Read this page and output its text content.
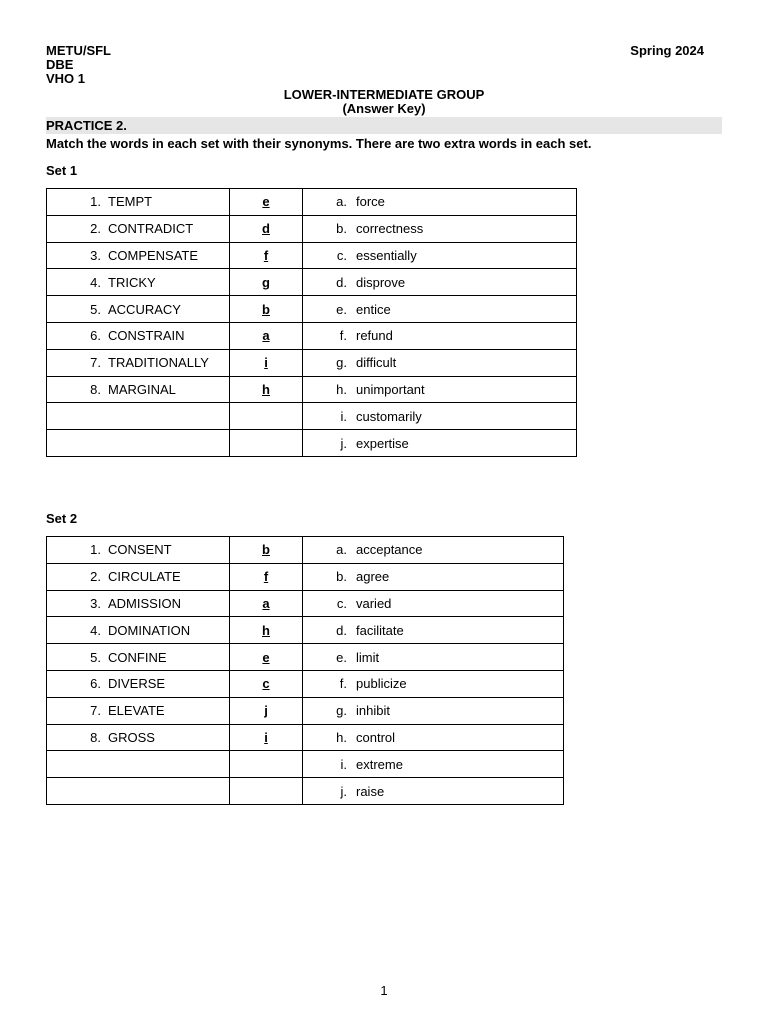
METU/SFL
DBE
VHO 1
Spring 2024
LOWER-INTERMEDIATE GROUP
(Answer Key)
PRACTICE 2.
Match the words in each set with their synonyms. There are two extra words in each set.
Set 1
1. TEMPT	e	a. force
2. CONTRADICT	d	b. correctness
3. COMPENSATE	f	c. essentially
4. TRICKY	g	d. disprove
5. ACCURACY	b	e. entice
6. CONSTRAIN	a	f. refund
7. TRADITIONALLY	i	g. difficult
8. MARGINAL	h	h. unimportant
		i. customarily
		j. expertise
Set 2
1. CONSENT	b	a. acceptance
2. CIRCULATE	f	b. agree
3. ADMISSION	a	c. varied
4. DOMINATION	h	d. facilitate
5. CONFINE	e	e. limit
6. DIVERSE	c	f. publicize
7. ELEVATE	j	g. inhibit
8. GROSS	i	h. control
		i. extreme
		j. raise
1
